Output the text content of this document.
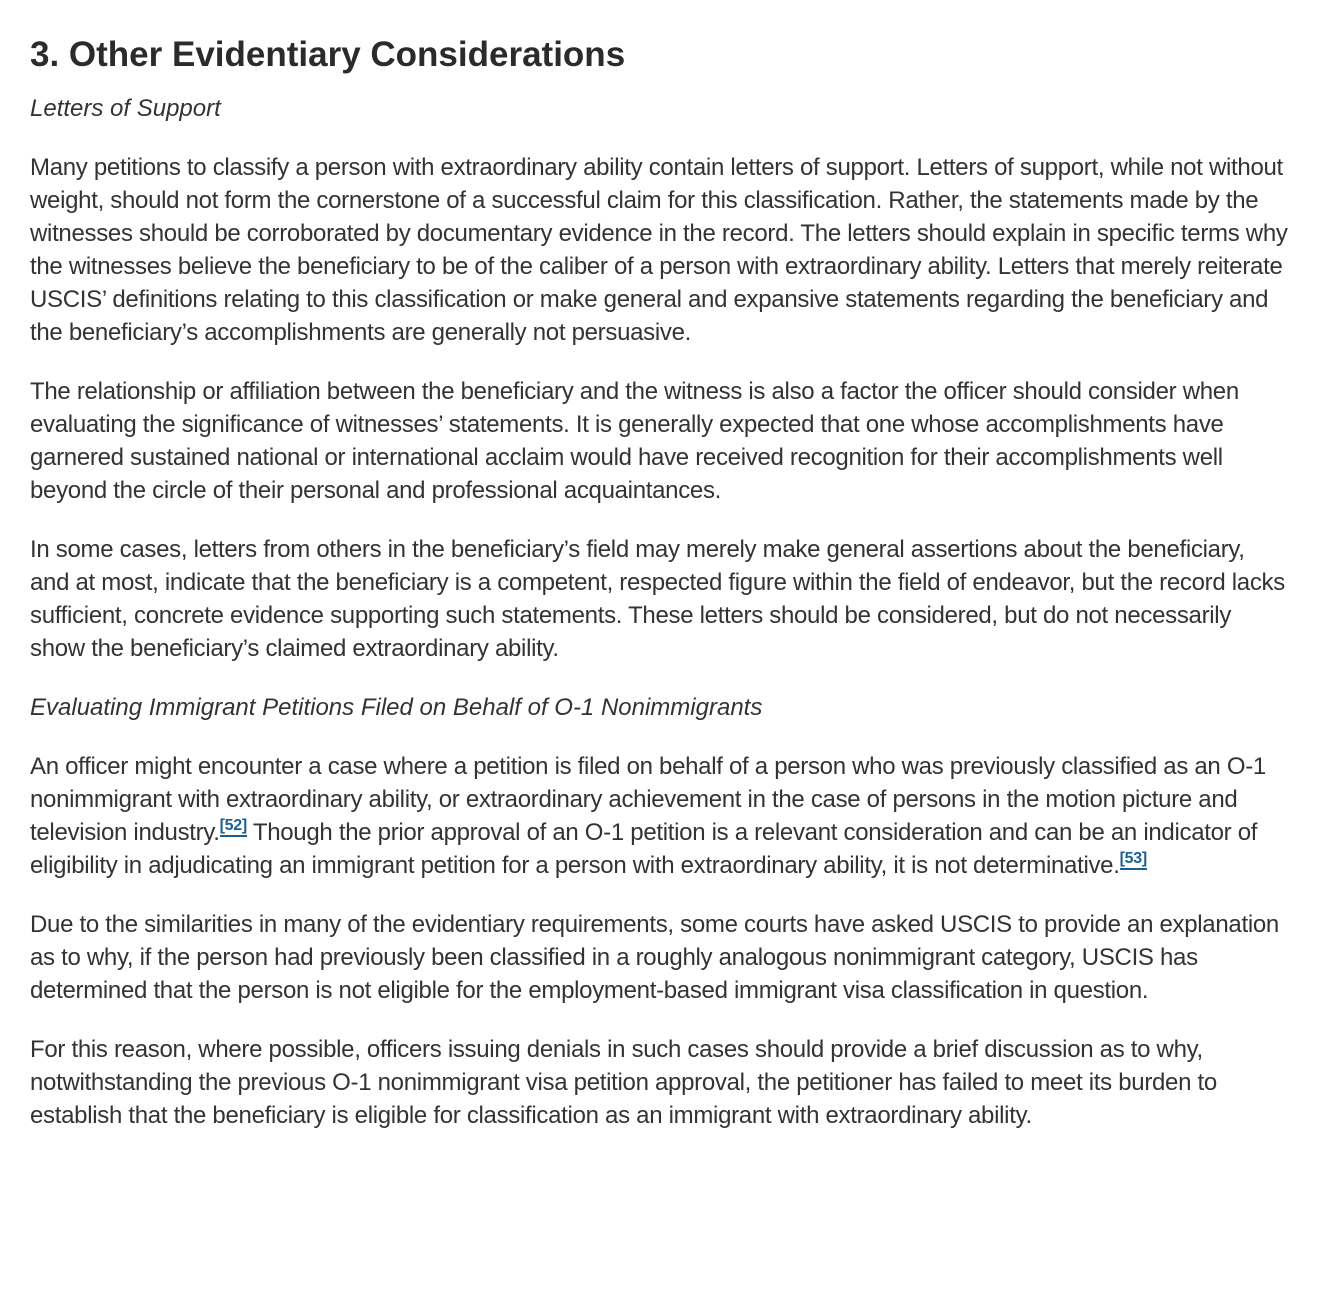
3. Other Evidentiary Considerations
Letters of Support

Many petitions to classify a person with extraordinary ability contain letters of support. Letters of support, while not without weight, should not form the cornerstone of a successful claim for this classification. Rather, the statements made by the witnesses should be corroborated by documentary evidence in the record. The letters should explain in specific terms why the witnesses believe the beneficiary to be of the caliber of a person with extraordinary ability. Letters that merely reiterate USCIS’ definitions relating to this classification or make general and expansive statements regarding the beneficiary and the beneficiary’s accomplishments are generally not persuasive.

The relationship or affiliation between the beneficiary and the witness is also a factor the officer should consider when evaluating the significance of witnesses’ statements. It is generally expected that one whose accomplishments have garnered sustained national or international acclaim would have received recognition for their accomplishments well beyond the circle of their personal and professional acquaintances.

In some cases, letters from others in the beneficiary’s field may merely make general assertions about the beneficiary, and at most, indicate that the beneficiary is a competent, respected figure within the field of endeavor, but the record lacks sufficient, concrete evidence supporting such statements. These letters should be considered, but do not necessarily show the beneficiary’s claimed extraordinary ability.

Evaluating Immigrant Petitions Filed on Behalf of O-1 Nonimmigrants

An officer might encounter a case where a petition is filed on behalf of a person who was previously classified as an O-1 nonimmigrant with extraordinary ability, or extraordinary achievement in the case of persons in the motion picture and television industry.[52] Though the prior approval of an O-1 petition is a relevant consideration and can be an indicator of eligibility in adjudicating an immigrant petition for a person with extraordinary ability, it is not determinative.[53]

Due to the similarities in many of the evidentiary requirements, some courts have asked USCIS to provide an explanation as to why, if the person had previously been classified in a roughly analogous nonimmigrant category, USCIS has determined that the person is not eligible for the employment-based immigrant visa classification in question.

For this reason, where possible, officers issuing denials in such cases should provide a brief discussion as to why, notwithstanding the previous O-1 nonimmigrant visa petition approval, the petitioner has failed to meet its burden to establish that the beneficiary is eligible for classification as an immigrant with extraordinary ability.
